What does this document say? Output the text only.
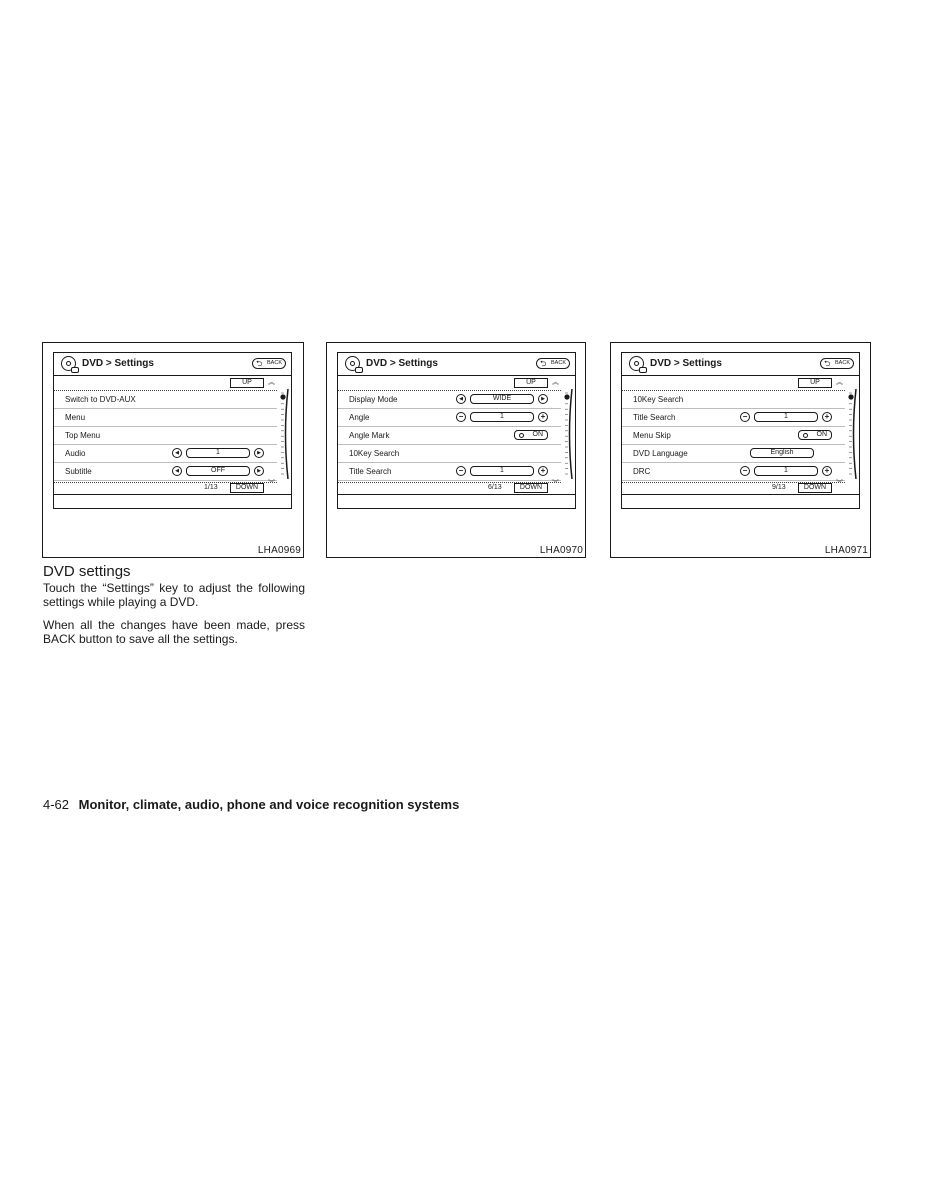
DVD > Settings	⮌ BACK
UP	︽
Switch to DVD-AUX
Menu
Top Menu
Audio	◀	1	▶
Subtitle	◀	OFF	▶
1/13	DOWN
︾
LHA0969
DVD > Settings	⮌ BACK
UP	︽
Display Mode	◀	WIDE	▶
Angle	−	1	+
Angle Mark	ON
10Key Search
Title Search	−	1	+
6/13	DOWN
︾
LHA0970
DVD > Settings	⮌ BACK
UP	︽
10Key Search
Title Search	−	1	+
Menu Skip	ON
DVD Language	English
DRC	−	1	+
9/13	DOWN
︾
LHA0971
DVD settings

Touch the “Settings” key to adjust the following settings while playing a DVD.

When all the changes have been made, press BACK button to save all the settings.

4-62 Monitor, climate, audio, phone and voice recognition systems
